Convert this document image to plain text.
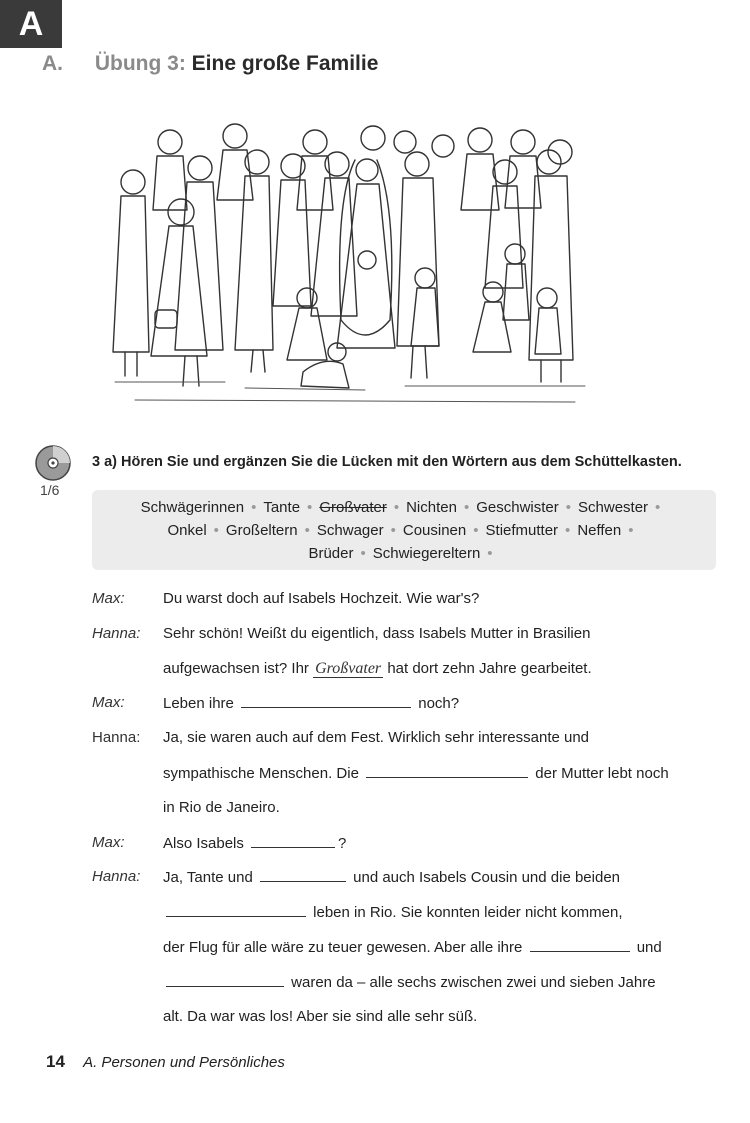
A
A. Übung 3: Eine große Familie
1/6
3 a) Hören Sie und ergänzen Sie die Lücken mit den Wörtern aus dem Schüttelkasten.
Schwägerinnen • Tante • Großvater • Nichten • Geschwister • Schwester •
Onkel • Großeltern • Schwager • Cousinen • Stiefmutter • Neffen •
Brüder • Schwiegereltern •
Max:	Du warst doch auf Isabels Hochzeit. Wie war's?
Hanna:	Sehr schön! Weißt du eigentlich, dass Isabels Mutter in Brasilien
aufgewachsen ist? Ihr Großvater hat dort zehn Jahre gearbeitet.
Max:	Leben ihre	noch?
Hanna:	Ja, sie waren auch auf dem Fest. Wirklich sehr interessante und
sympathische Menschen. Die	der Mutter lebt noch
in Rio de Janeiro.
Max:	Also Isabels	?
Hanna:	Ja, Tante und	und auch Isabels Cousin und die beiden
leben in Rio. Sie konnten leider nicht kommen,
der Flug für alle wäre zu teuer gewesen. Aber alle ihre	und
waren da – alle sechs zwischen zwei und sieben Jahre
alt. Da war was los! Aber sie sind alle sehr süß.
14 A. Personen und Persönliches
